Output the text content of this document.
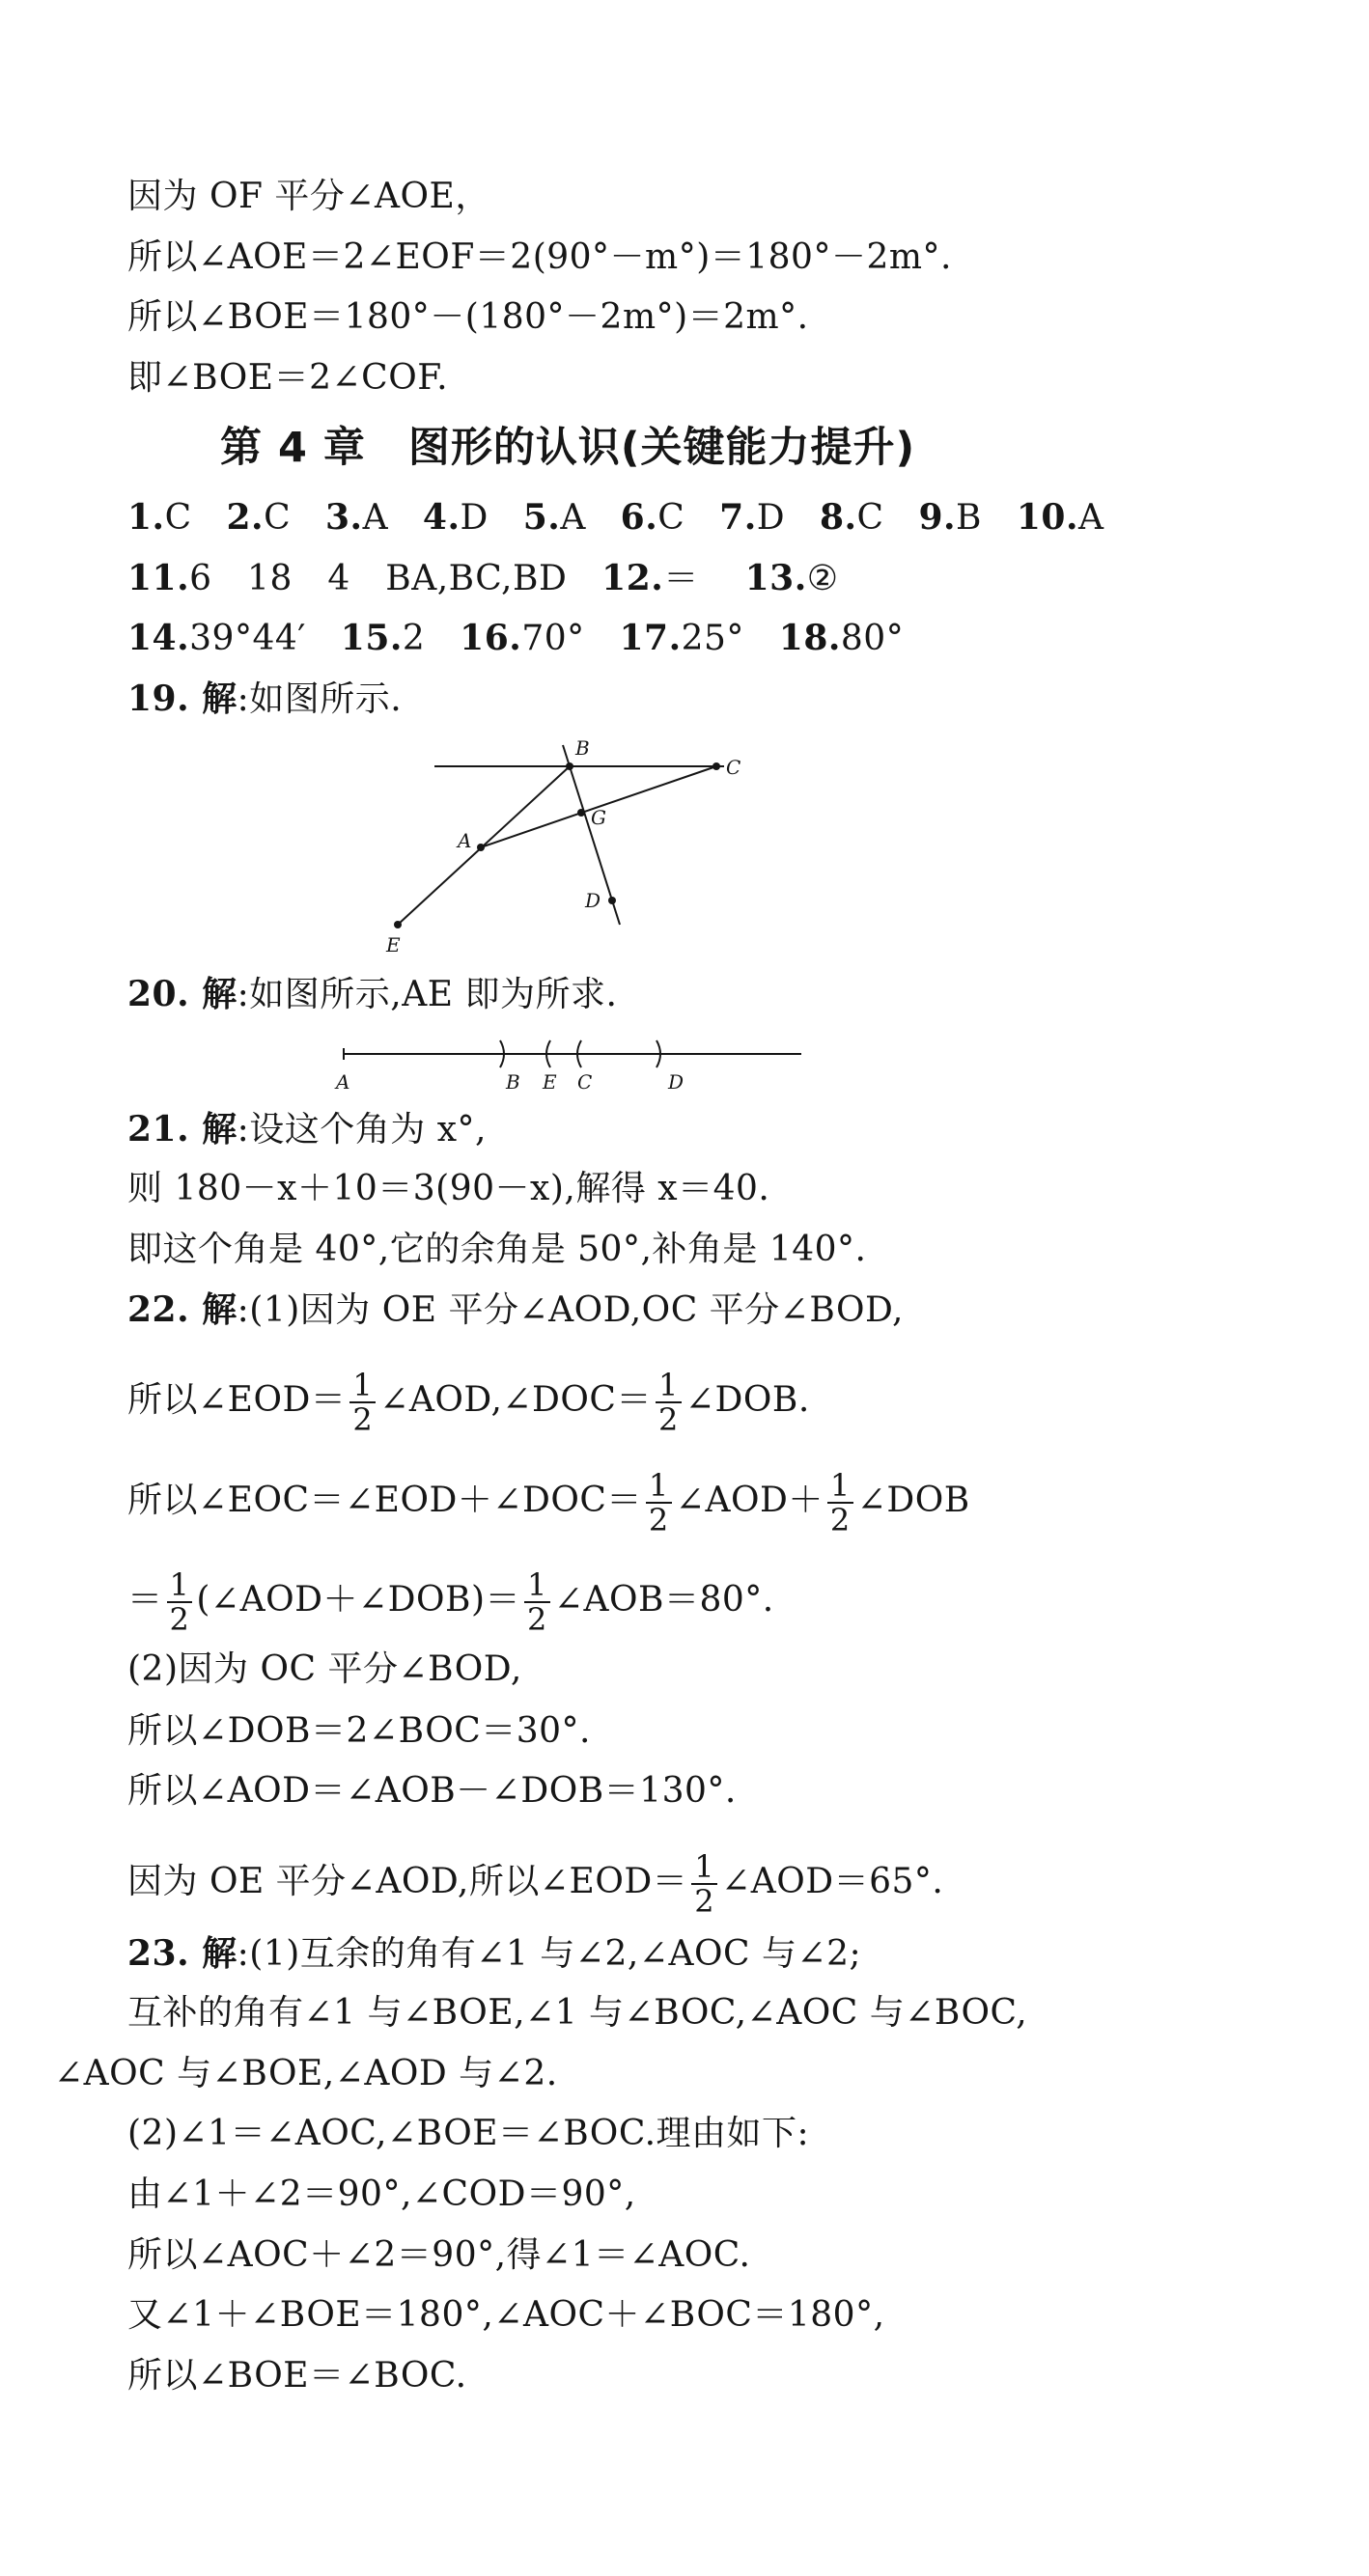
因为 OF 平分∠AOE，
所以∠AOE＝2∠EOF＝2(90°－m°)＝180°－2m°.
所以∠BOE＝180°－(180°－2m°)＝2m°.
即∠BOE＝2∠COF.
第 4 章　图形的认识(关键能力提升)
1.C 2.C 3.A 4.D 5.A 6.C 7.D 8.C 9.B 10.A
11.6　18　4　BA,BC,BD 12.＝ 13.②
14.39°44′ 15.2 16.70° 17.25° 18.80°
19. 解:如图所示.
B
C
A
G
D
E
20. 解:如图所示,AE 即为所求.
A	B E C	D
21. 解:设这个角为 x°,
则 180－x＋10＝3(90－x),解得 x＝40.
即这个角是 40°,它的余角是 50°,补角是 140°.
22. 解:(1)因为 OE 平分∠AOD,OC 平分∠BOD,
所以∠EOD＝ $\frac{1}{2}$ ∠AOD,∠DOC＝ $\frac{1}{2}$ ∠DOB.
所以∠EOC＝∠EOD＋∠DOC＝ $\frac{1}{2}$ ∠AOD＋ $\frac{1}{2}$ ∠DOB
＝ $\frac{1}{2}$ (∠AOD＋∠DOB)＝ $\frac{1}{2}$ ∠AOB＝80°.
(2)因为 OC 平分∠BOD,
所以∠DOB＝2∠BOC＝30°.
所以∠AOD＝∠AOB－∠DOB＝130°.
因为 OE 平分∠AOD,所以∠EOD＝ $\frac{1}{2}$ ∠AOD＝65°.
23. 解:(1)互余的角有∠1 与∠2,∠AOC 与∠2;
互补的角有∠1 与∠BOE,∠1 与∠BOC,∠AOC 与∠BOC,
∠AOC 与∠BOE,∠AOD 与∠2.
(2)∠1＝∠AOC,∠BOE＝∠BOC.理由如下:
由∠1＋∠2＝90°,∠COD＝90°,
所以∠AOC＋∠2＝90°,得∠1＝∠AOC.
又∠1＋∠BOE＝180°,∠AOC＋∠BOC＝180°,
所以∠BOE＝∠BOC.
